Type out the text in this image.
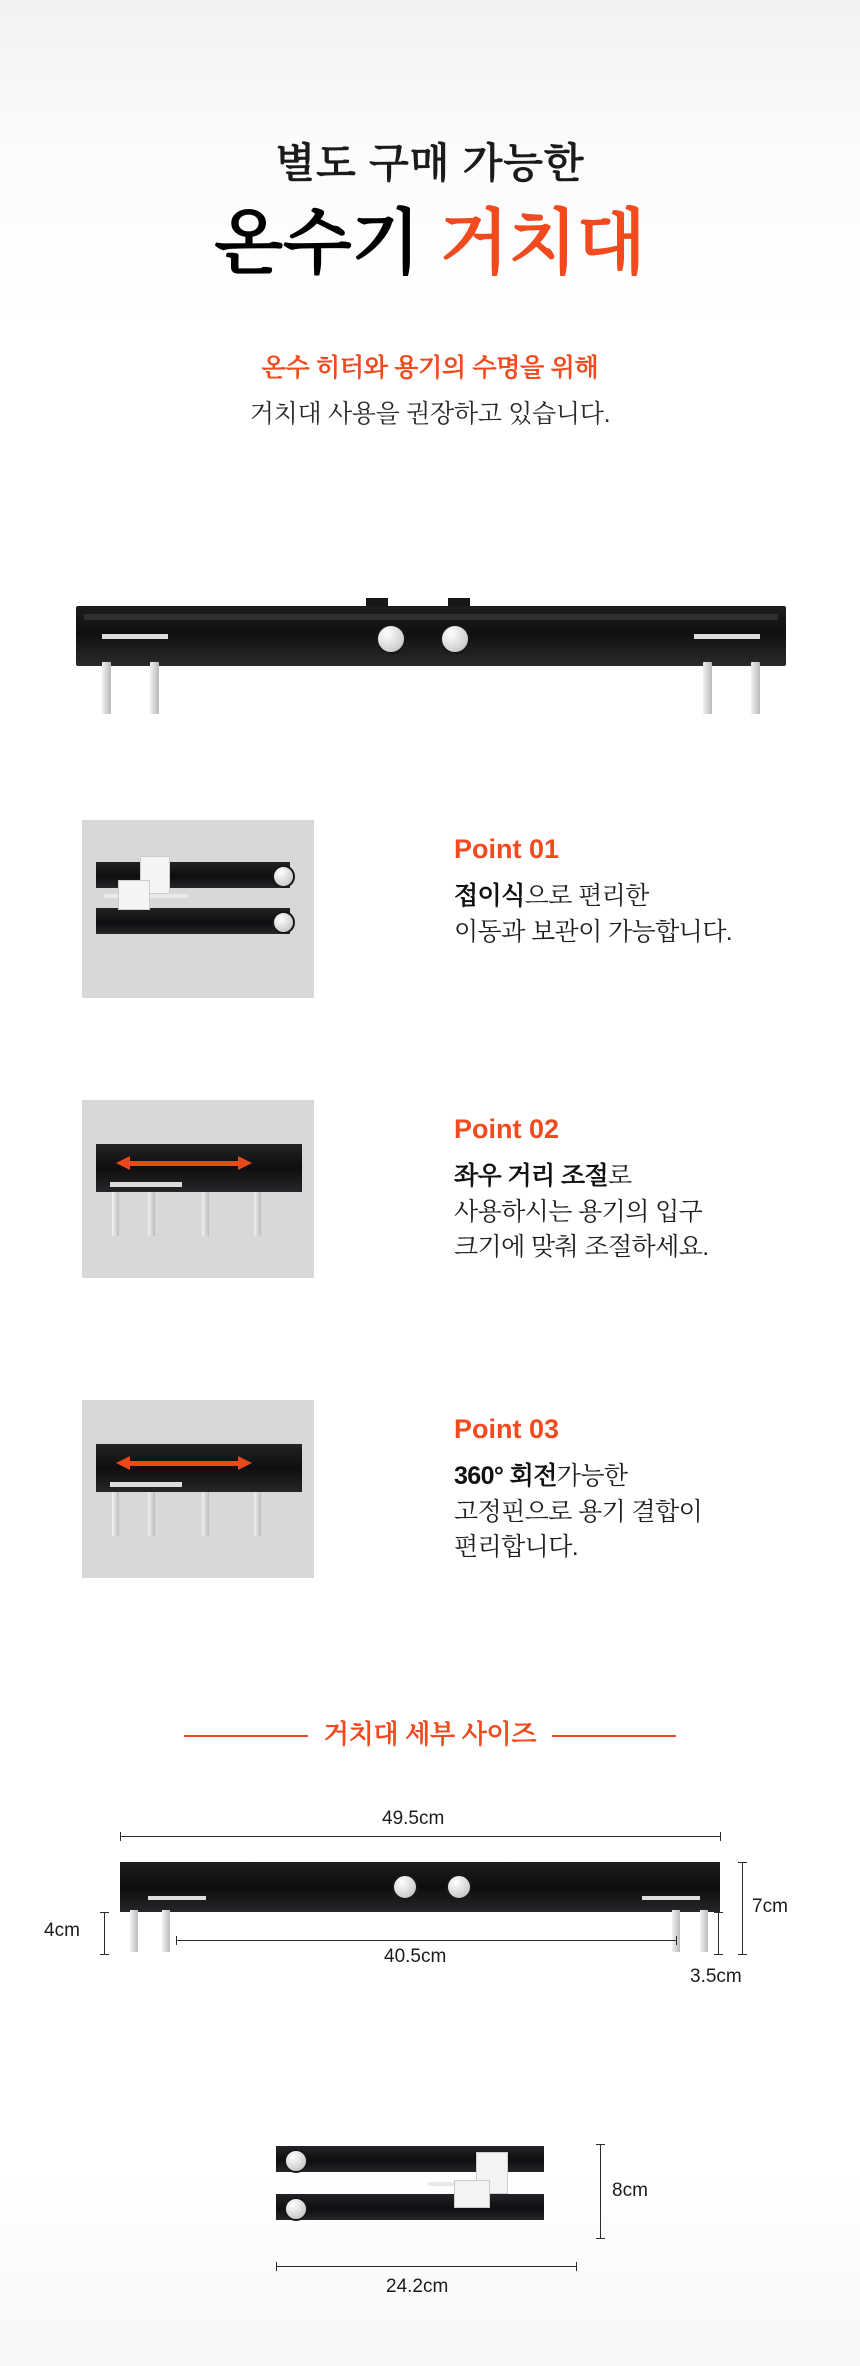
별도 구매 가능한
온수기 거치대
온수 히터와 용기의 수명을 위해
거치대 사용을 권장하고 있습니다.
Point 01
접이식으로 편리한
이동과 보관이 가능합니다.
Point 02
좌우 거리 조절로
사용하시는 용기의 입구
크기에 맞춰 조절하세요.
Point 03
360° 회전가능한
고정핀으로 용기 결합이
편리합니다.
거치대 세부 사이즈
49.5cm
40.5cm
4cm
7cm
3.5cm
8cm
24.2cm
